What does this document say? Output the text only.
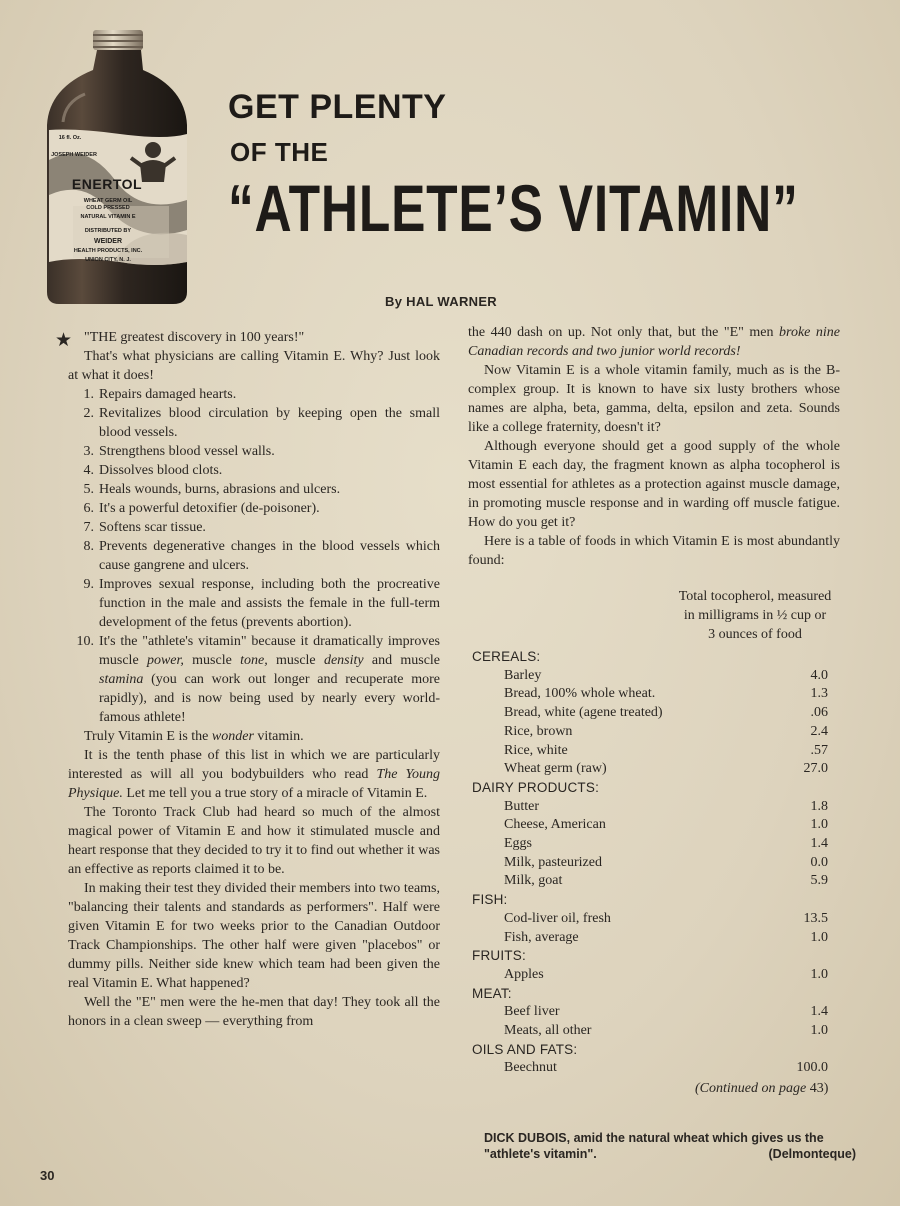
16 fl. Oz.
JOSEPH WEIDER
ENERTOL
WHEAT GERM OIL
COLD PRESSED
NATURAL VITAMIN E
DISTRIBUTED BY
WEIDER
HEALTH PRODUCTS, INC.
UNION CITY, N. J.
GET PLENTY
OF THE
“ATHLETE’S VITAMIN”
By HAL WARNER
★ "THE greatest discovery in 100 years!"

That's what physicians are calling Vitamin E. Why? Just look at what it does!

1. Repairs damaged hearts.
2. Revitalizes blood circulation by keeping open the small blood vessels.
3. Strengthens blood vessel walls.
4. Dissolves blood clots.
5. Heals wounds, burns, abrasions and ulcers.
6. It's a powerful detoxifier (de-poisoner).
7. Softens scar tissue.
8. Prevents degenerative changes in the blood vessels which cause gangrene and ulcers.
9. Improves sexual response, including both the procreative function in the male and assists the female in the full-term development of the fetus (prevents abortion).
10. It's the "athlete's vitamin" because it dramatically improves muscle power, muscle tone, muscle density and muscle stamina (you can work out longer and recuperate more rapidly), and is now being used by nearly every world-famous athlete!

Truly Vitamin E is the wonder vitamin.

It is the tenth phase of this list in which we are particularly interested as will all you bodybuilders who read The Young Physique. Let me tell you a true story of a miracle of Vitamin E.

The Toronto Track Club had heard so much of the almost magical power of Vitamin E and how it stimulated muscle and heart response that they decided to try it to find out whether it was an effective as reports claimed it to be.

In making their test they divided their members into two teams, "balancing their talents and standards as performers". Half were given Vitamin E for two weeks prior to the Canadian Outdoor Track Championships. The other half were given "placebos" or dummy pills. Neither side knew which team had been given the real Vitamin E. What happened?

Well the "E" men were the he-men that day! They took all the honors in a clean sweep — everything from

the 440 dash on up. Not only that, but the "E" men broke nine Canadian records and two junior world records!

Now Vitamin E is a whole vitamin family, much as is the B-complex group. It is known to have six lusty brothers whose names are alpha, beta, gamma, delta, epsilon and zeta. Sounds like a college fraternity, doesn't it?

Although everyone should get a good supply of the whole Vitamin E each day, the fragment known as alpha tocopherol is most essential for athletes as a protection against muscle damage, in promoting muscle response and in warding off muscle fatigue. How do you get it?

Here is a table of foods in which Vitamin E is most abundantly found:

Total tocopherol, measured
in milligrams in ½ cup or
3 ounces of food
CEREALS:
Barley	4.0
Bread, 100% whole wheat.	1.3
Bread, white (agene treated)	.06
Rice, brown	2.4
Rice, white	.57
Wheat germ (raw)	27.0
DAIRY PRODUCTS:
Butter	1.8
Cheese, American	1.0
Eggs	1.4
Milk, pasteurized	0.0
Milk, goat	5.9
FISH:
Cod-liver oil, fresh	13.5
Fish, average	1.0
FRUITS:
Apples	1.0
MEAT:
Beef liver	1.4
Meats, all other	1.0
OILS AND FATS:
Beechnut	100.0
(Continued on page 43)
DICK DUBOIS, amid the natural wheat which gives us the "athlete's vitamin".	(Delmonteque)
30
